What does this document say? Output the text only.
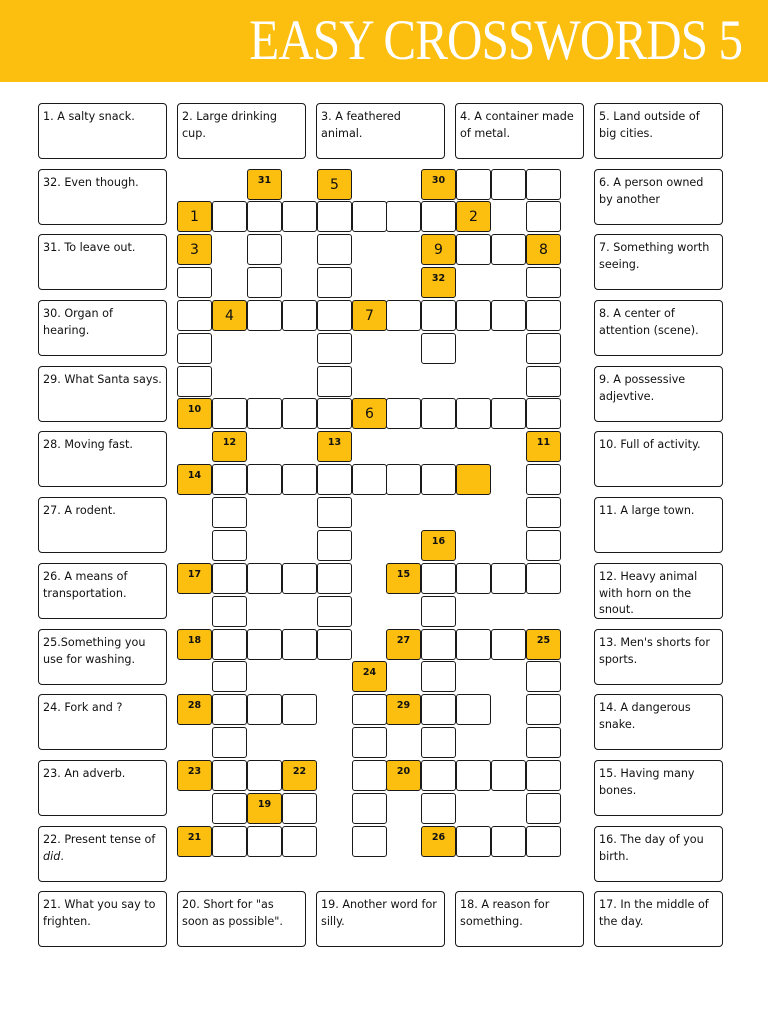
EASY CROSSWORDS 5
1. A salty snack.	2. Large drinking cup.
3. A feathered animal.
4. A container made of metal.
5. Land outside of big cities.
32. Even though.
31. To leave out.
30. Organ of hearing.
29. What Santa says.
28. Moving fast.
27. A rodent.
26. A means of transportation.
25.Something you use for washing.
24. Fork and ?
23. An adverb.
22. Present tense of did.
6. A person owned by another
7. Something worth seeing.
8. A center of attention (scene).
9. A possessive adjevtive.
10. Full of activity.
11. A large town.
12. Heavy animal with horn on the snout.
13. Men's shorts for sports.
14. A dangerous snake.
15. Having many bones.
16. The day of you birth.
21. What you say to frighten.
20. Short for "as soon as possible".
19. Another word for silly.
18. A reason for something.
17. In the middle of the day.
31	5	30
1	2
3	9	8
32
4	7
10	6
12	13	11
14
16
17	15
18	27	25
24
28	29
23	22	20
19
21	26
